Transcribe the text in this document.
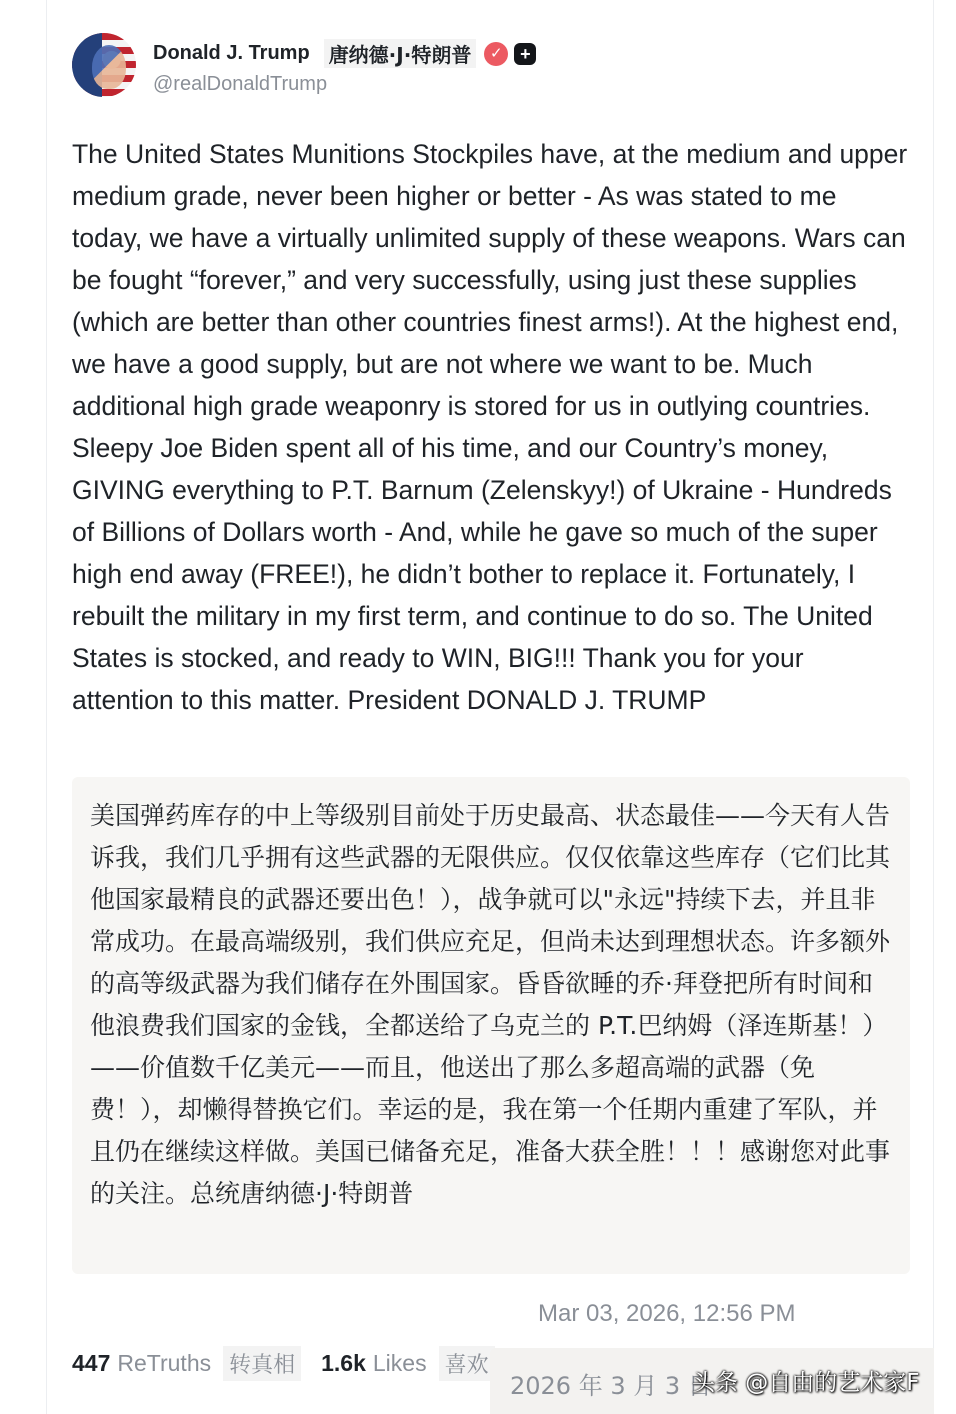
Donald J. Trump 唐纳德·J·特朗普	✓ +
@realDonaldTrump

The United States Munitions Stockpiles have, at the medium and upper medium grade, never been higher or better - As was stated to me today, we have a virtually unlimited supply of these weapons. Wars can be fought “forever,” and very successfully, using just these supplies (which are better than other countries finest arms!). At the highest end, we have a good supply, but are not where we want to be. Much additional high grade weaponry is stored for us in outlying countries. Sleepy Joe Biden spent all of his time, and our Country’s money, GIVING everything to P.T. Barnum (Zelenskyy!) of Ukraine - Hundreds of Billions of Dollars worth - And, while he gave so much of the super high end away (FREE!), he didn’t bother to replace it. Fortunately, I rebuilt the military in my first term, and continue to do so. The United States is stocked, and ready to WIN, BIG!!! Thank you for your attention to this matter. President DONALD J. TRUMP

美国弹药库存的中上等级别目前处于历史最高、状态最佳——今天有人告诉我，我们几乎拥有这些武器的无限供应。仅仅依靠这些库存（它们比其他国家最精良的武器还要出色！），战争就可以"永远"持续下去，并且非常成功。在最高端级别，我们供应充足，但尚未达到理想状态。许多额外的高等级武器为我们储存在外围国家。昏昏欲睡的乔·拜登把所有时间和他浪费我们国家的金钱，全都送给了乌克兰的 P.T.巴纳姆（泽连斯基！）——价值数千亿美元——而且，他送出了那么多超高端的武器（免费！），却懒得替换它们。幸运的是，我在第一个任期内重建了军队，并且仍在继续这样做。美国已储备充足，准备大获全胜！！！感谢您对此事的关注。总统唐纳德·J·特朗普

Mar 03, 2026, 12:56 PM
447 ReTruths 转真相 1.6k Likes 喜欢
2026 年 3 月 3 日
头条 @自由的艺术家F
